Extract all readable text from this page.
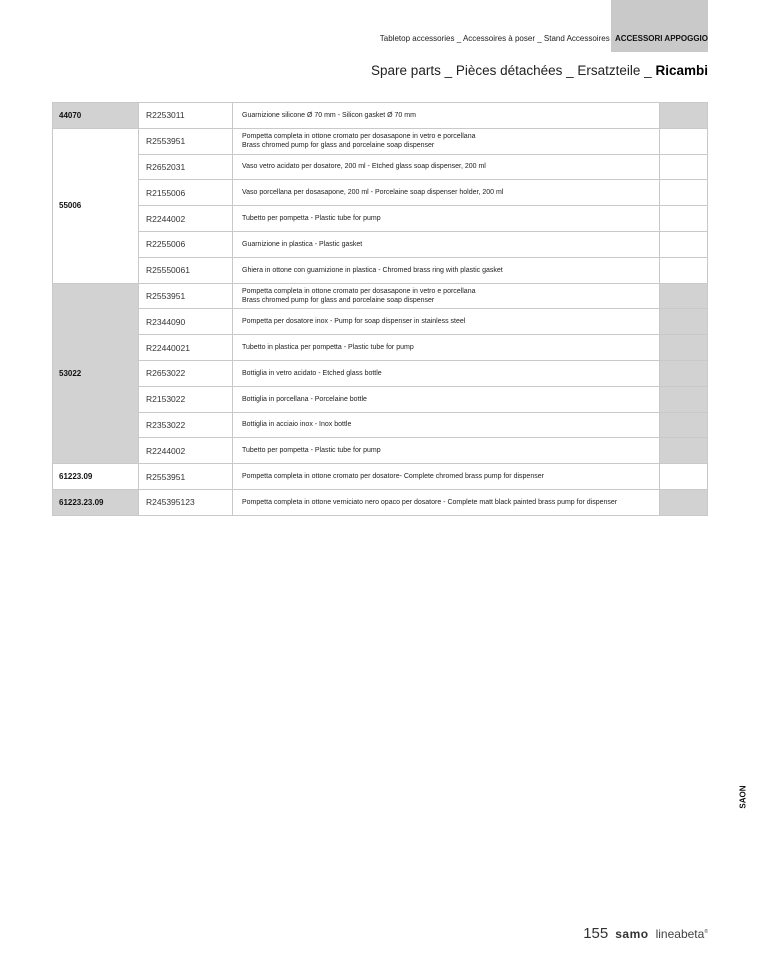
Tabletop accessories _ Accessoires à poser _ Stand Accessoires ACCESSORI APPOGGIO
Spare parts _ Pièces détachées _ Ersatzteile _ Ricambi
44070	R2253011	Guarnizione silicone Ø 70 mm - Silicon gasket Ø 70 mm	

55006	R2553951	Pompetta completa in ottone cromato per dosasapone in vetro e porcellana
Brass chromed pump for glass and porcelaine soap dispenser	

	R2652031	Vaso vetro acidato per dosatore, 200 ml - Etched glass soap dispenser, 200 ml	

	R2155006	Vaso porcellana per dosasapone, 200 ml - Porcelaine soap dispenser holder, 200 ml	

	R2244002	Tubetto per pompetta - Plastic tube for pump	

	R2255006	Guarnizione in plastica - Plastic gasket	

	R25550061	Ghiera in ottone con guarnizione in plastica - Chromed brass ring with plastic gasket	

53022	R2553951	Pompetta completa in ottone cromato per dosasapone in vetro e porcellana
Brass chromed pump for glass and porcelaine soap dispenser	

	R2344090	Pompetta per dosatore inox - Pump for soap dispenser in stainless steel	

	R22440021	Tubetto in plastica per pompetta - Plastic tube for pump	

	R2653022	Bottiglia in vetro acidato - Etched glass bottle	

	R2153022	Bottiglia in porcellana - Porcelaine bottle	

	R2353022	Bottiglia in acciaio inox - Inox bottle	

	R2244002	Tubetto per pompetta - Plastic tube for pump	

61223.09	R2553951	Pompetta completa in ottone cromato per dosatore- Complete chromed brass pump for dispenser	

61223.23.09	R245395123	Pompetta completa in ottone verniciato nero opaco per dosatore - Complete matt black painted brass pump for dispenser	

SAON
155 samo lineabeta®
